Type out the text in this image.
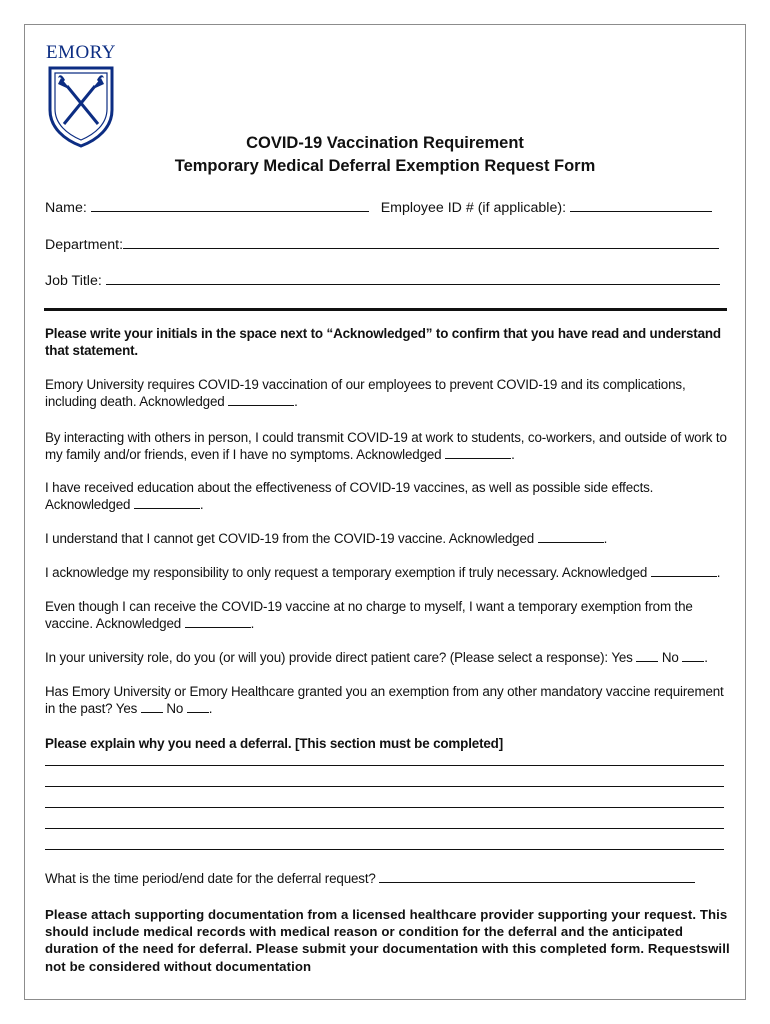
EMORY
COVID-19 Vaccination Requirement
Temporary Medical Deferral Exemption Request Form
Name:	Employee ID # (if applicable):
Department:
Job Title:
Please write your initials in the space next to “Acknowledged” to confirm that you have read and understand that statement.
Emory University requires COVID-19 vaccination of our employees to prevent COVID-19 and its complications, including death. Acknowledged	.
By interacting with others in person, I could transmit COVID-19 at work to students, co-workers, and outside of work to my family and/or friends, even if I have no symptoms. Acknowledged	.
I have received education about the effectiveness of COVID-19 vaccines, as well as possible side effects. Acknowledged	.
I understand that I cannot get COVID-19 from the COVID-19 vaccine. Acknowledged	.
I acknowledge my responsibility to only request a temporary exemption if truly necessary. Acknowledged	.
Even though I can receive the COVID-19 vaccine at no charge to myself, I want a temporary exemption from the vaccine. Acknowledged	.
In your university role, do you (or will you) provide direct patient care? (Please select a response): Yes No .
Has Emory University or Emory Healthcare granted you an exemption from any other mandatory vaccine requirement in the past? Yes No .
Please explain why you need a deferral. [This section must be completed]
What is the time period/end date for the deferral request?
Please attach supporting documentation from a licensed healthcare provider supporting your request. This should include medical records with medical reason or condition for the deferral and the anticipated duration of the need for deferral. Please submit your documentation with this completed form. Requestswill not be considered without documentation
